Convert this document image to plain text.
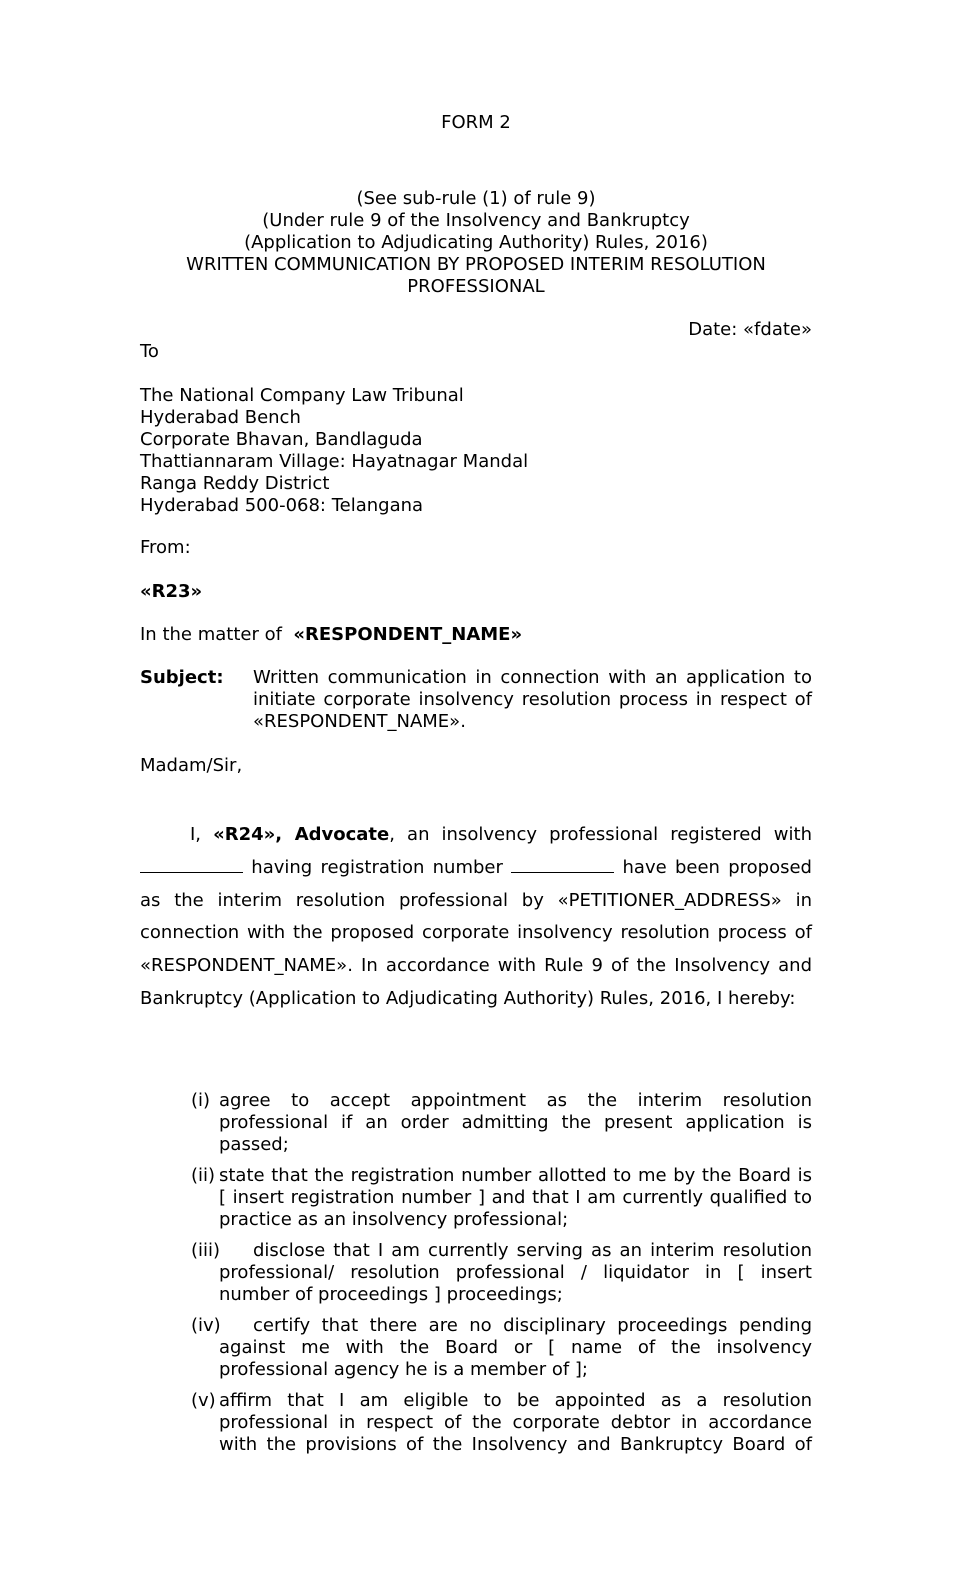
FORM 2
(See sub-rule (1) of rule 9)
(Under rule 9 of the Insolvency and Bankruptcy
(Application to Adjudicating Authority) Rules, 2016)
WRITTEN COMMUNICATION BY PROPOSED INTERIM RESOLUTION
PROFESSIONAL
Date: «fdate»
To
The National Company Law Tribunal
Hyderabad Bench
Corporate Bhavan, Bandlaguda
Thattiannaram Village: Hayatnagar Mandal
Ranga Reddy District
Hyderabad 500-068: Telangana
From:
«R23»
In the matter of «RESPONDENT_NAME»
Subject: Written communication in connection with an application to initiate corporate insolvency resolution process in respect of «RESPONDENT_NAME».
Madam/Sir,
I, «R24», Advocate, an insolvency professional registered with  having registration number	have been proposed as the interim resolution professional by «PETITIONER_ADDRESS» in connection with the proposed corporate insolvency resolution process of «RESPONDENT_NAME». In accordance with Rule 9 of the Insolvency and Bankruptcy (Application to Adjudicating Authority) Rules, 2016, I hereby:
(i) agree to accept appointment as the interim resolution professional if an order admitting the present application is passed;
(ii) state that the registration number allotted to me by the Board is [ insert registration number ] and that I am currently qualified to practice as an insolvency professional;
(iii)	disclose that I am currently serving as an interim resolution professional/ resolution professional / liquidator in [ insert number of proceedings ] proceedings;
(iv)	certify that there are no disciplinary proceedings pending against me with the Board or [ name of the insolvency professional agency he is a member of ];
(v) affirm that I am eligible to be appointed as a resolution professional in respect of the corporate debtor in accordance with the provisions of the Insolvency and Bankruptcy Board of
